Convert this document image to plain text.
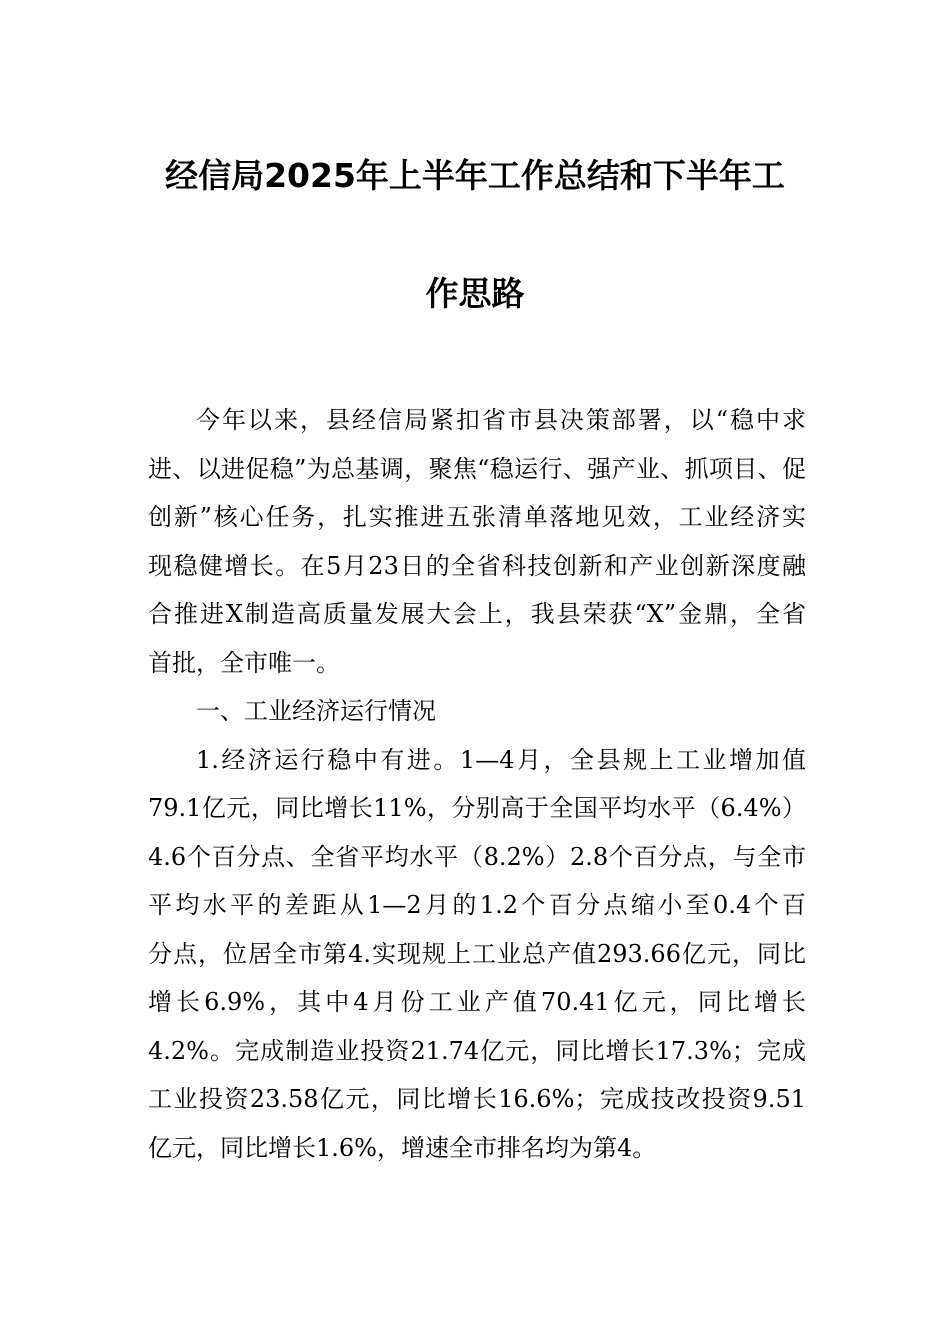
经信局2025年上半年工作总结和下半年工
作思路
今年以来，县经信局紧扣省市县决策部署，以“稳中求
进、以进促稳”为总基调，聚焦“稳运行、强产业、抓项目、促
创新”核心任务，扎实推进五张清单落地见效，工业经济实
现稳健增长。在5月23日的全省科技创新和产业创新深度融
合推进X制造高质量发展大会上，我县荣获“X”金鼎，全省
首批，全市唯一。
一、工业经济运行情况
1.经济运行稳中有进。1—4月，全县规上工业增加值
79.1亿元，同比增长11%，分别高于全国平均水平（6.4%）
4.6个百分点、全省平均水平（8.2%）2.8个百分点，与全市
平均水平的差距从1—2月的1.2个百分点缩小至0.4个百
分点，位居全市第4.实现规上工业总产值293.66亿元，同比
增长6.9%，其中4月份工业产值70.41亿元，同比增长
4.2%。完成制造业投资21.74亿元，同比增长17.3%；完成
工业投资23.58亿元，同比增长16.6%；完成技改投资9.51
亿元，同比增长1.6%，增速全市排名均为第4。
